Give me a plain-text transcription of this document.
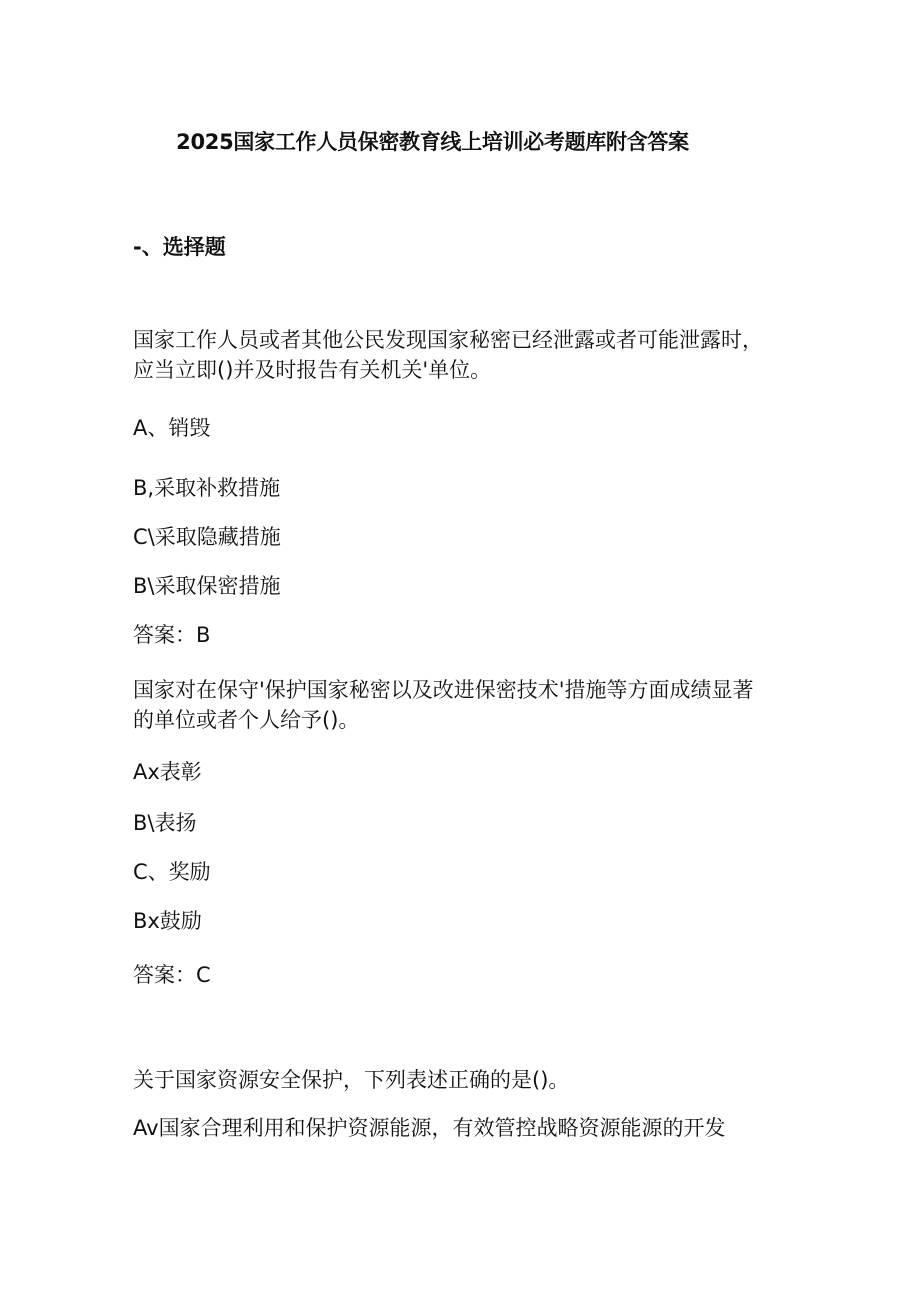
2025国家工作人员保密教育线上培训必考题库附含答案
-、选择题
国家工作人员或者其他公民发现国家秘密已经泄露或者可能泄露时，
应当立即()并及时报告有关机关'单位。
A、销毁
B,采取补救措施
C\采取隐藏措施
B\采取保密措施
答案：B
国家对在保守'保护国家秘密以及改进保密技术'措施等方面成绩显著
的单位或者个人给予()。
Ax表彰
B\表扬
C、奖励
Bx鼓励
答案：C
关于国家资源安全保护，下列表述正确的是()。
Av国家合理利用和保护资源能源，有效管控战略资源能源的开发
